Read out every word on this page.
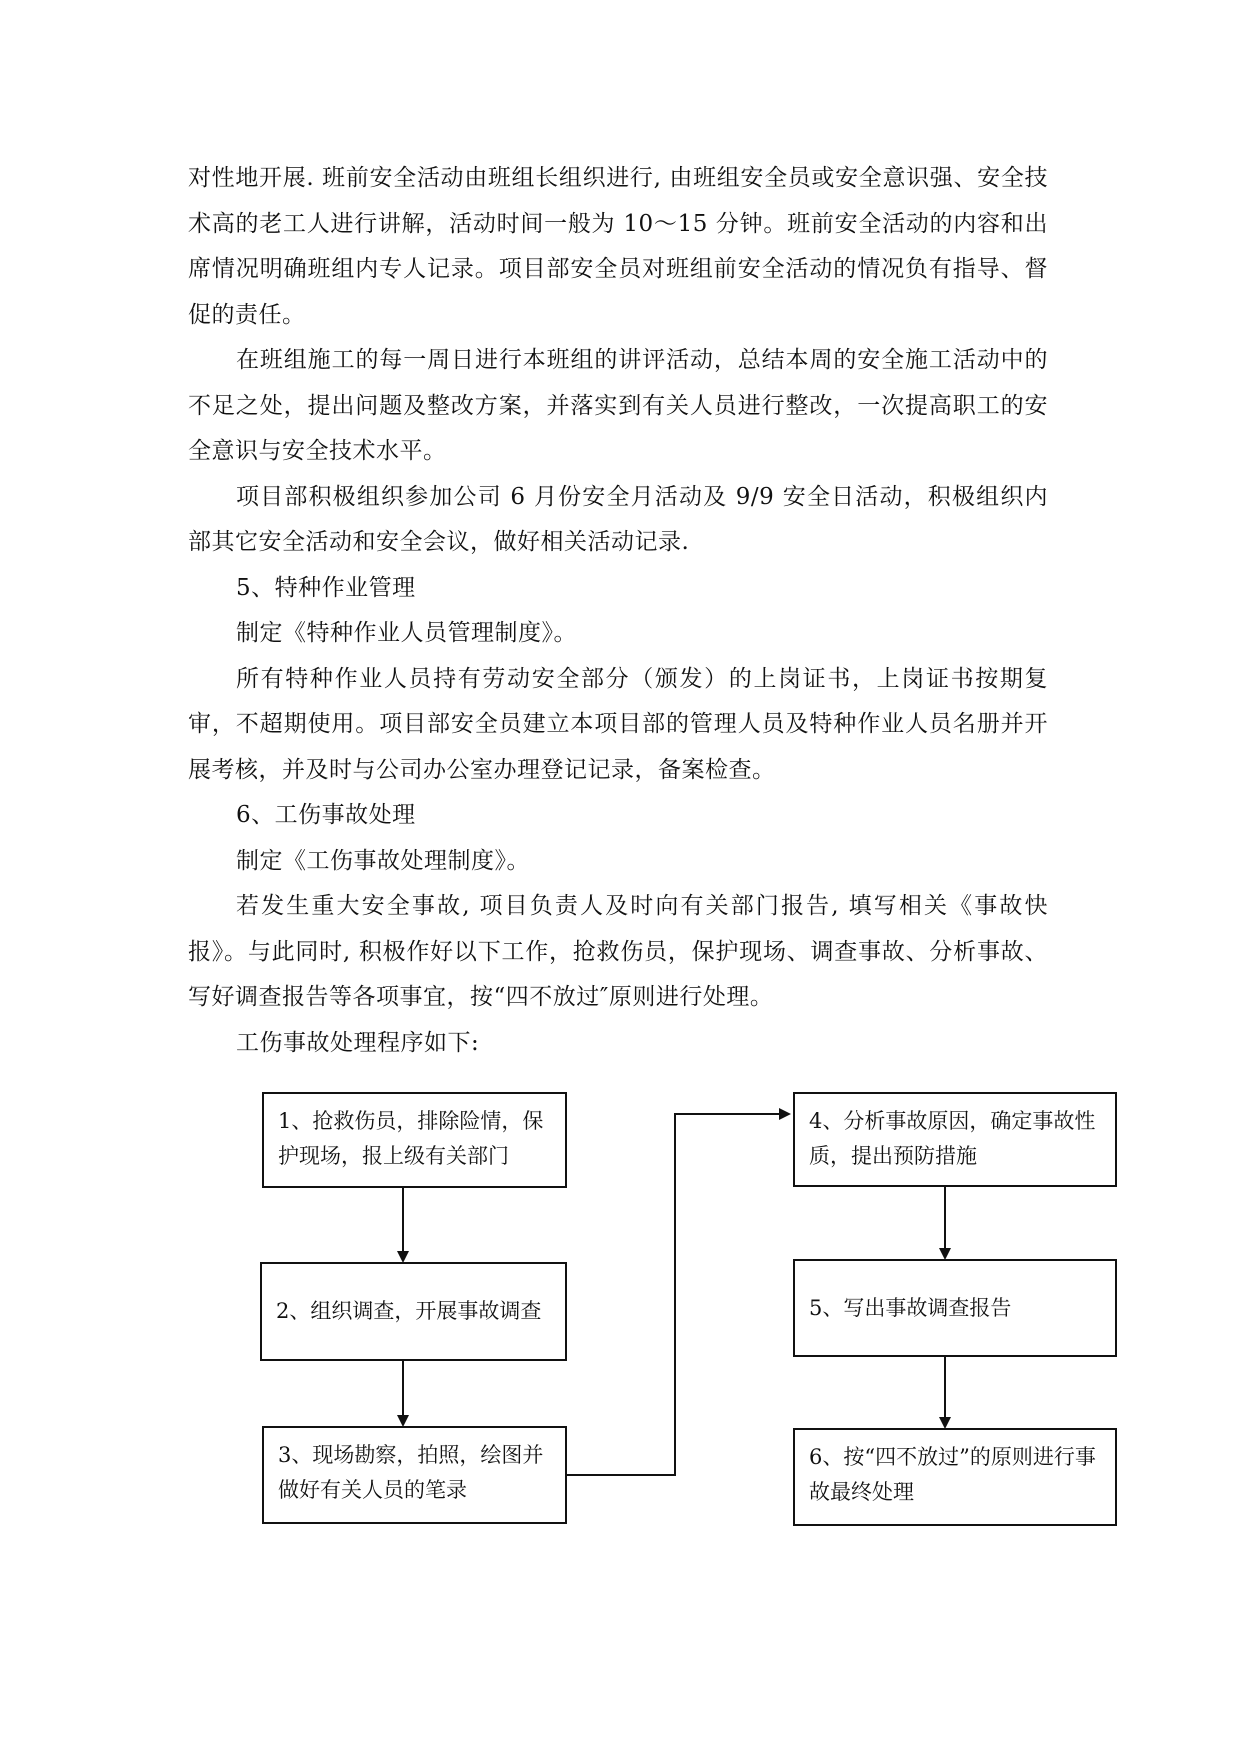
对性地开展. 班前安全活动由班组长组织进行, 由班组安全员或安全意识强、安全技术高的老工人进行讲解，活动时间一般为 10～15 分钟。班前安全活动的内容和出席情况明确班组内专人记录。项目部安全员对班组前安全活动的情况负有指导、督促的责任。

在班组施工的每一周日进行本班组的讲评活动，总结本周的安全施工活动中的不足之处，提出问题及整改方案，并落实到有关人员进行整改，一次提高职工的安全意识与安全技术水平。

项目部积极组织参加公司 6 月份安全月活动及 9/9 安全日活动，积极组织内部其它安全活动和安全会议，做好相关活动记录.

5、特种作业管理

制定《特种作业人员管理制度》。

所有特种作业人员持有劳动安全部分（颁发）的上岗证书，上岗证书按期复审，不超期使用。项目部安全员建立本项目部的管理人员及特种作业人员名册并开展考核，并及时与公司办公室办理登记记录，备案检查。

6、工伤事故处理

制定《工伤事故处理制度》。

若发生重大安全事故, 项目负责人及时向有关部门报告, 填写相关《事故快报》。与此同时, 积极作好以下工作，抢救伤员，保护现场、调查事故、分析事故、写好调查报告等各项事宜，按“四不放过″原则进行处理。

工伤事故处理程序如下:

1、抢救伤员，排除险情，保护现场，报上级有关部门
2、组织调查，开展事故调查
3、现场勘察，拍照，绘图并做好有关人员的笔录
4、分析事故原因，确定事故性质，提出预防措施
5、写出事故调查报告
6、按“四不放过”的原则进行事故最终处理
